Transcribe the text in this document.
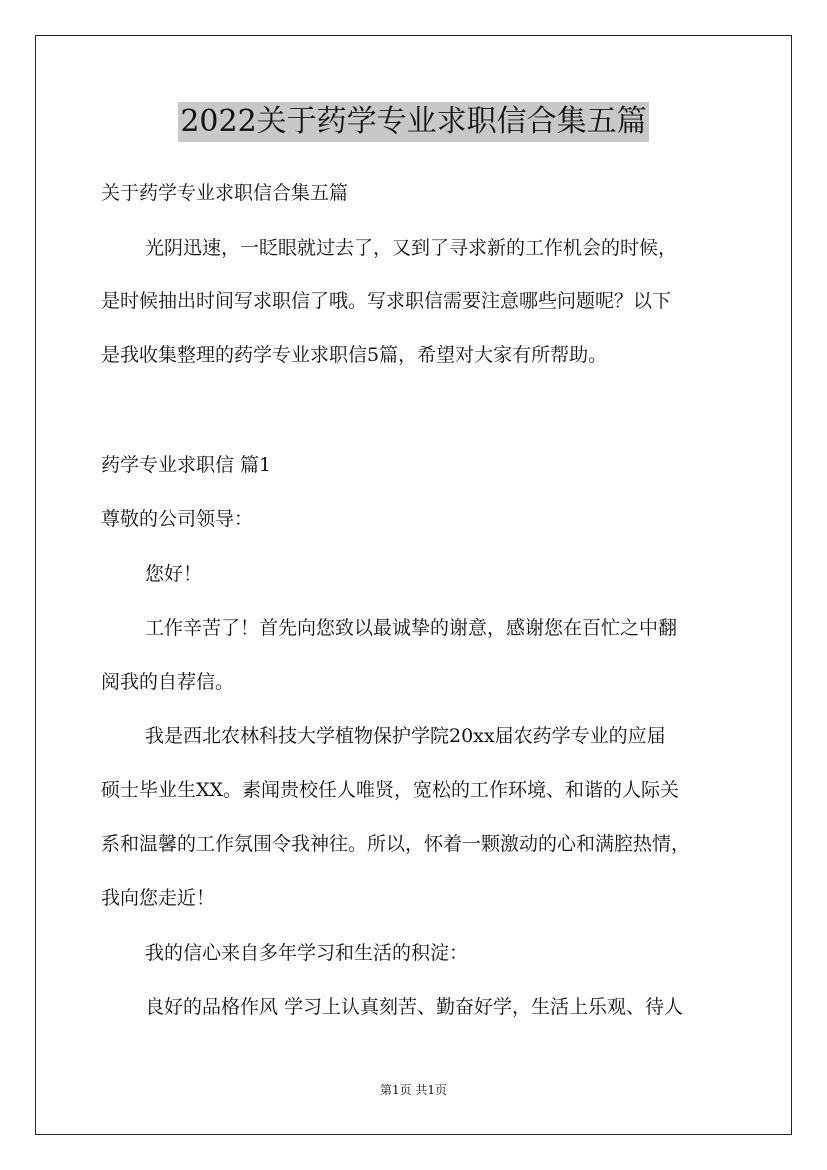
2022关于药学专业求职信合集五篇
关于药学专业求职信合集五篇
光阴迅速，一眨眼就过去了，又到了寻求新的工作机会的时候，
是时候抽出时间写求职信了哦。写求职信需要注意哪些问题呢？以下
是我收集整理的药学专业求职信5篇，希望对大家有所帮助。
药学专业求职信 篇1
尊敬的公司领导：
您好！
工作辛苦了！首先向您致以最诚挚的谢意，感谢您在百忙之中翻
阅我的自荐信。
我是西北农林科技大学植物保护学院20xx届农药学专业的应届
硕士毕业生XX。素闻贵校任人唯贤，宽松的工作环境、和谐的人际关
系和温馨的工作氛围令我神往。所以，怀着一颗激动的心和满腔热情，
我向您走近！
我的信心来自多年学习和生活的积淀：
良好的品格作风 学习上认真刻苦、勤奋好学，生活上乐观、待人
第1页 共1页
